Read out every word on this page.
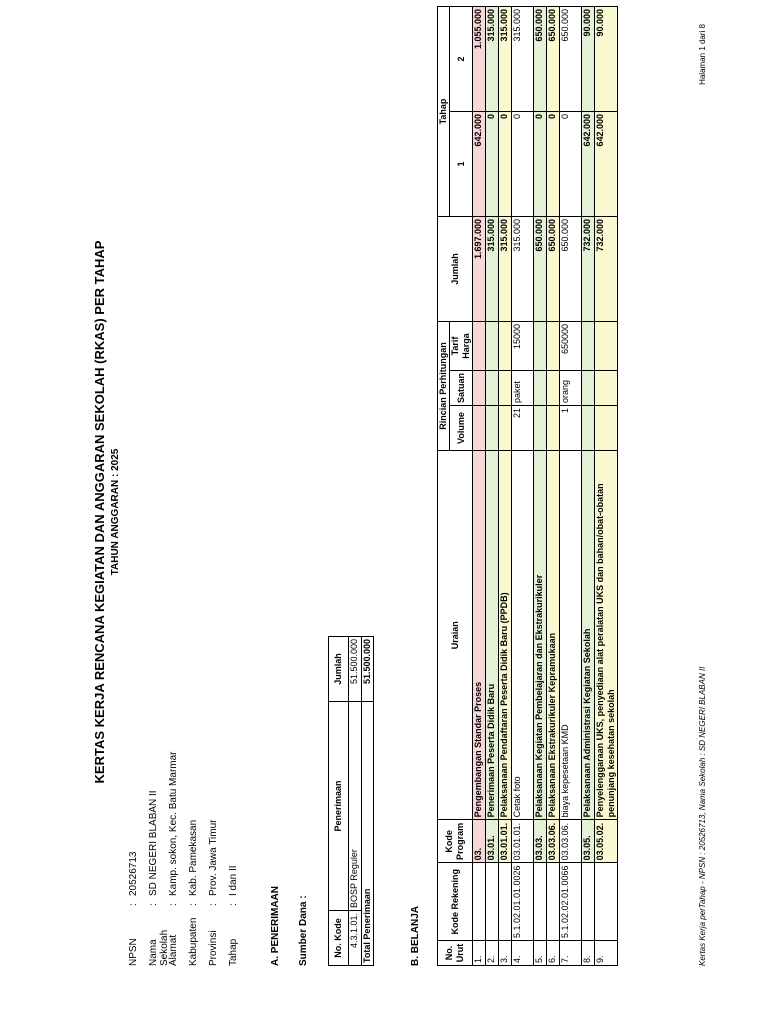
KERTAS KERJA RENCANA KEGIATAN DAN ANGGARAN SEKOLAH (RKAS) PER TAHAP TAHUN ANGGARAN : 2025
NPSN
:
20526713
Nama Sekolah
:
SD NEGERI BLABAN II
Alamat
:
Kamp. sokon, Kec. Batu Marmar
Kabupaten
:
Kab. Pamekasan
Provinsi
:
Prov. Jawa Timur
Tahap
:
I dan II
A. PENERIMAAN Sumber Dana :	No. Kode	Penerimaan	Jumlah
4.3.1.01.	BOSP Reguler	51.500.000
Total Penerimaan		51.500.000
B. BELANJA	No. Urut	Kode Rekening	Kode Program	Uraian	Rincian Perhitungan			Jumlah	Tahap	
				Volume	Satuan	Tarif Harga		1	2
1.		03.	Pengembangan Standar Proses				1.697.000	642.000	1.055.000
2.		03.01.	Penerimaan Peserta Didik Baru				315.000	0	315.000
3.		03.01.01.	Pelaksanaan Pendaftaran Peserta Didik Baru (PPDB)				315.000	0	315.000
4.	5.1.02.01.01.0026	03.01.01.	Cetak foto	21	paket	15000	315.000	0	315.000
5.		03.03.	Pelaksanaan Kegiatan Pembelajaran dan Ekstrakurikuler				650.000	0	650.000
6.		03.03.06.	Pelaksanaan Ekstrakurikuler Kepramukaan				650.000	0	650.000
7.	5.1.02.02.01.0066	03.03.06.	biaya kepesetaan KMD	1	orang	650000	650.000	0	650.000
8.		03.05.	Pelaksanaan Administrasi Kegiatan Sekolah				732.000	642.000	90.000
9.		03.05.02.	Penyelenggaraan UKS, penyediaan alat peralatan UKS dan bahan/obat-obatan penunjang kesehatan sekolah				732.000	642.000	90.000
Kertas Kerja perTahap - NPSN : 20526713, Nama Sekolah : SD NEGERI BLABAN II
Halaman 1 dari 8
